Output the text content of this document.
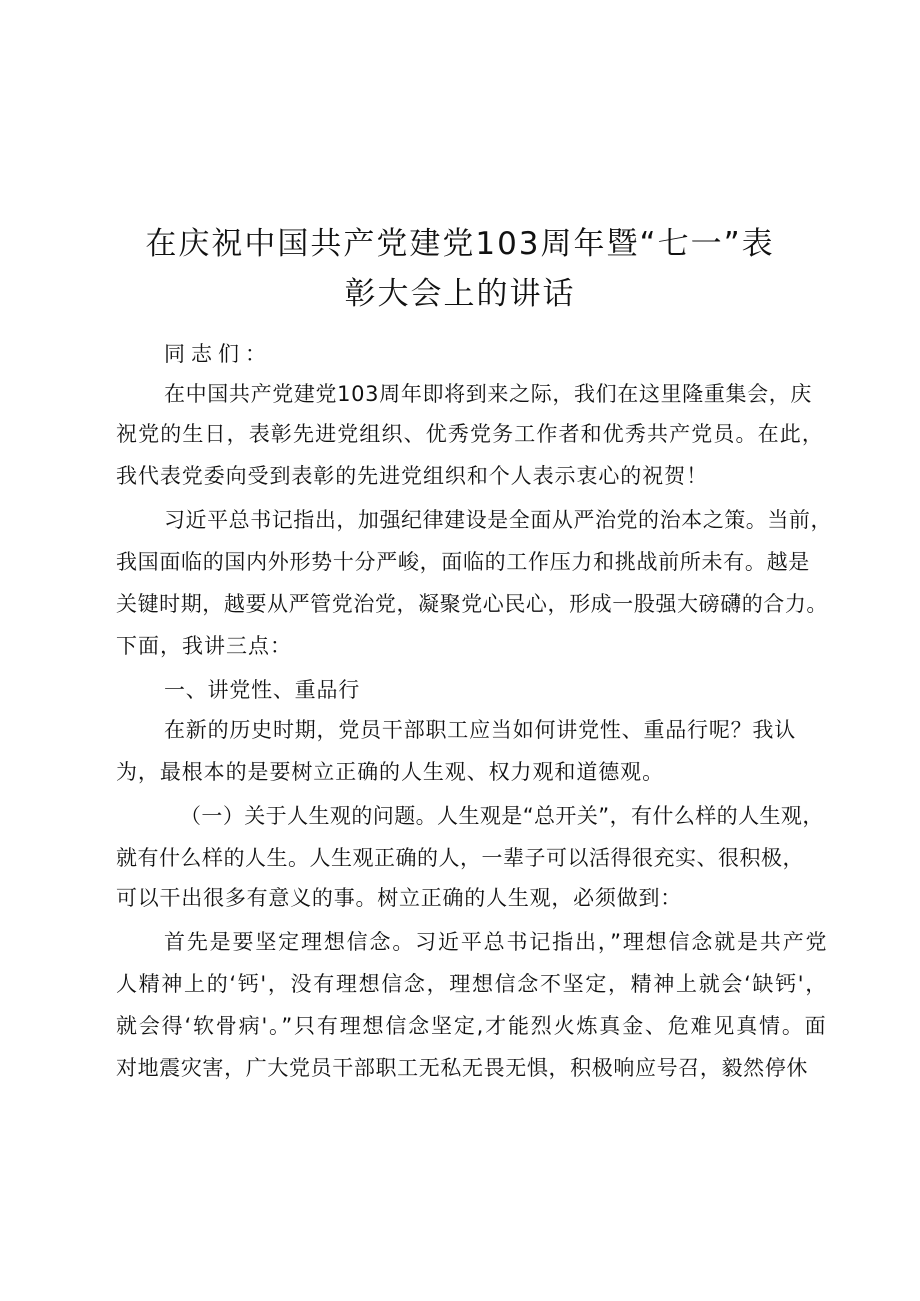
在庆祝中国共产党建党103周年暨“七一”表
彰大会上的讲话
同志们：
在中国共产党建党103周年即将到来之际，我们在这里隆重集会，庆
祝党的生日，表彰先进党组织、优秀党务工作者和优秀共产党员。在此，
我代表党委向受到表彰的先进党组织和个人表示衷心的祝贺！
习近平总书记指出，加强纪律建设是全面从严治党的治本之策。当前，
我国面临的国内外形势十分严峻，面临的工作压力和挑战前所未有。越是
关键时期，越要从严管党治党，凝聚党心民心，形成一股强大磅礴的合力。
下面，我讲三点：
一、讲党性、重品行
在新的历史时期，党员干部职工应当如何讲党性、重品行呢？我认
为，最根本的是要树立正确的人生观、权力观和道德观。
（一）关于人生观的问题。人生观是“总开关”，有什么样的人生观，
就有什么样的人生。人生观正确的人，一辈子可以活得很充实、很积极，
可以干出很多有意义的事。树立正确的人生观，必须做到：
首先是要坚定理想信念。习近平总书记指出，”理想信念就是共产党
人精神上的‘钙'，没有理想信念，理想信念不坚定，精神上就会‘缺钙'，
就会得‘软骨病'。”只有理想信念坚定,才能烈火炼真金、危难见真情。面
对地震灾害，广大党员干部职工无私无畏无惧，积极响应号召，毅然停休
